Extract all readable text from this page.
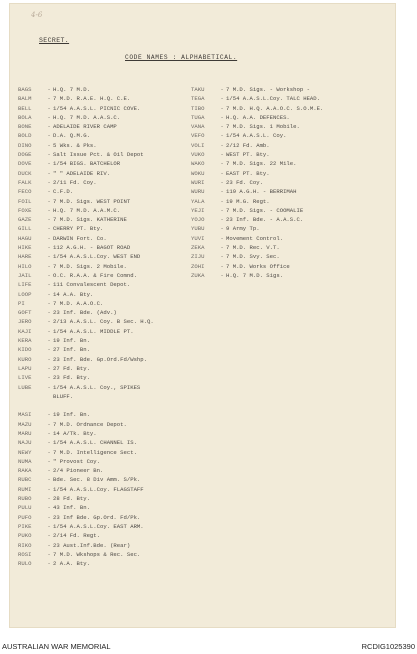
4-6
SECRET.
CODE NAMES : ALPHABETICAL.
BAGS	- H.Q. 7 M.D.
BALM	- 7 M.D. R.A.E. H.Q. C.E.
BELL	- 1/54 A.A.S.L. PICNIC COVE.
BOLA	- H.Q. 7 M.D. A.A.S.C.
BONE	- ADELAIDE RIVER CAMP
BOLD	- D.A. Q.M.G.
DINO	- 5 Wks. & Pks.
DOGE	- Salt Issue Pct. & Oil Depot
DOVE	- 1/54 BIGS. BATCHELOR
DUCK	- " " ADELAIDE RIV.
FALK	- 2/11 Fd. Coy.
FECO	- C.F.D.
FOIL	- 7 M.D. Sigs. WEST POINT
FOXE	- H.Q. 7 M.D. A.A.M.C.
GAZE	- 7 M.D. Sigs. KATHERINE
GILL	- CHERRY PT. Bty.
HAGU	- DARWIN Fort. Co.
HIKE	- 112 A.G.H. - BAGOT ROAD
HARE	- 1/54 A.A.S.L.Coy. WEST END
HILO	- 7 M.D. Sigs. 2 Mobile.
JAIL	- O.C. R.A.A. & Fire Comnd.
LIFE	- 111 Convalescent Depot.
LOOP	- 14 A.A. Bty.
PI	- 7 M.D. A.A.O.C.
GOFT	- 23 Inf. Bde. (Adv.)
JERO	- 2/13 A.A.S.L. Coy. B Sec. H.Q.
KAJI	- 1/54 A.A.S.L. MIDDLE PT.
KERA	- 19 Inf. Bn.
KIDO	- 27 Inf. Bn.
KURO	- 23 Inf. Bde. Gp.Ord.Fd/Wshp.
LAPU	- 27 Fd. Bty.
LIVE	- 23 Fd. Bty.
LUBE	- 1/54 A.A.S.L. Coy., SPIKES
BLUFF.
MASI	- 19 Inf. Bn.
MAZU	- 7 M.D. Ordnance Depot.
MARU	- 14 A/Tk. Bty.
NAJU	- 1/54 A.A.S.L. CHANNEL IS.
NEWY	- 7 M.D. Intelligence Sect.
NUMA	- " Provost Coy.
RAKA	- 2/4 Pioneer Bn.
RUBC	- Bde. Sec. 8 Div Amm. S/Pk.
RUMI	- 1/54 A.A.S.L.Coy. FLAGSTAFF
RUBO	- 28 Fd. Bty.
PULU	- 43 Inf. Bn.
PUFO	- 23 Inf Bde. Gp.Ord. Fd/Pk.
PIKE	- 1/54 A.A.S.L.Coy. EAST ARM.
PUKO	- 2/14 Fd. Regt.
RIKO	- 23 Aust.Inf.Bde. (Rear)
ROSI	- 7 M.D. Wkshops & Rec. Sec.
RULO	- 2 A.A. Bty.
TAKU	- 7 M.D. Sigs. - Workshop -
TEGA	- 1/54 A.A.S.L.Coy. TALC HEAD.
TIBO	- 7 M.D. H.Q. A.A.O.C. S.O.M.E.
TUGA	- H.Q. A.A. DEFENCES.
VANA	- 7 M.D. Sigs. 1 Mobile.
VEFO	- 1/54 A.A.S.L. Coy.
VOLI	- 2/12 Fd. Amb.
VUKO	- WEST PT. Bty.
WAKO	- 7 M.D. Sigs. 22 Mile.
WOKU	- EAST PT. Bty.
WURI	- 23 Fd. Coy.
WURU	- 119 A.G.H. - BERRIMAH
YALA	- 19 M.G. Regt.
YEJI	- 7 M.D. Sigs. - COOMALIE
YOJO	- 23 Inf. Bde. - A.A.S.C.
YUBU	- 9 Army Tp.
YUVI	- Movement Control.
ZEKA	- 7 M.D. Rec. V.T.
ZIJU	- 7 M.D. Svy. Sec.
ZOHI	- 7 M.D. Works Office
ZUKA	- H.Q. 7 M.D. Sigs.
AUSTRALIAN WAR MEMORIAL	RCDIG1025390
